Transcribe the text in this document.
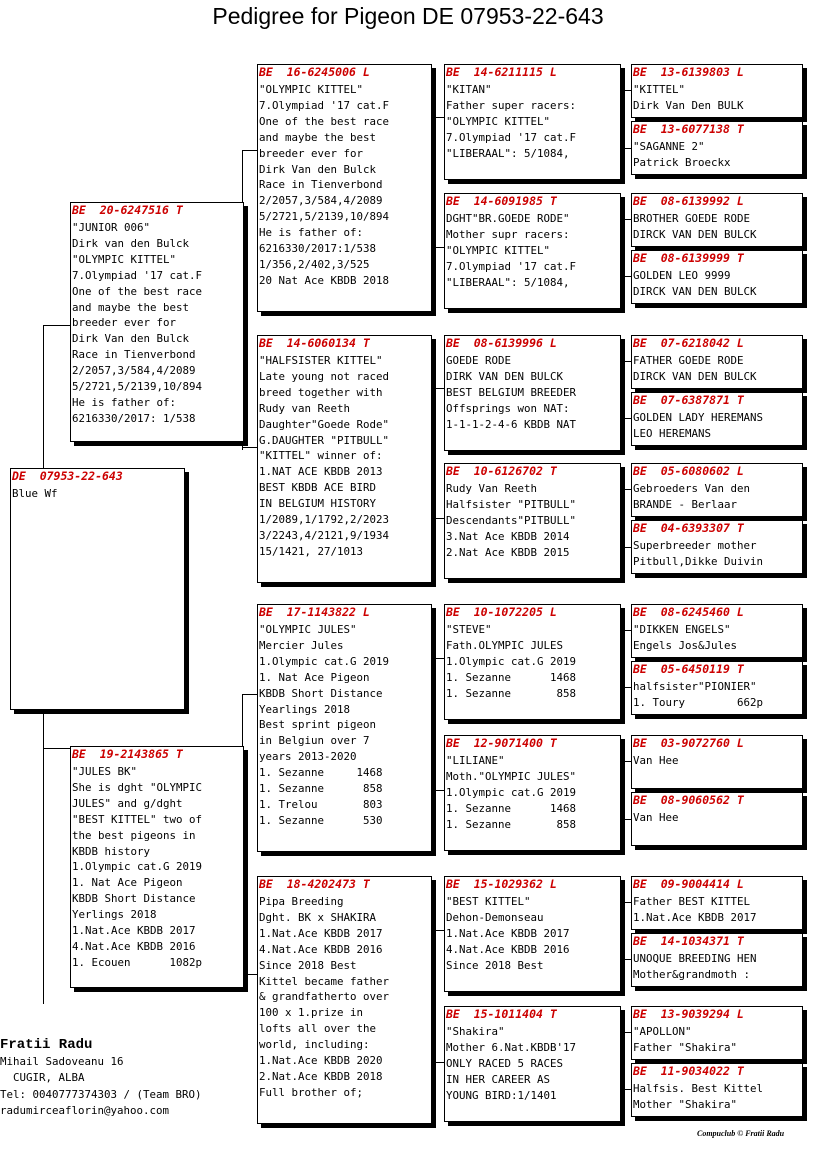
Pedigree for Pigeon DE 07953-22-643
DE  07953-22-643
Blue Wf
BE  20-6247516 T
"JUNIOR 006"
Dirk van den Bulck
"OLYMPIC KITTEL"
7.Olympiad '17 cat.F
One of the best race
and maybe the best
breeder ever for
Dirk Van den Bulck
Race in Tienverbond
2/2057,3/584,4/2089
5/2721,5/2139,10/894
He is father of:
6216330/2017: 1/538
BE  19-2143865 T
"JULES BK"
She is dght "OLYMPIC
JULES" and g/dght
"BEST KITTEL" two of
the best pigeons in
KBDB history
1.Olympic cat.G 2019
1. Nat Ace Pigeon
KBDB Short Distance
Yerlings 2018
1.Nat.Ace KBDB 2017
4.Nat.Ace KBDB 2016
1. Ecouen      1082p
BE  16-6245006 L
"OLYMPIC KITTEL"
7.Olympiad '17 cat.F
One of the best race
and maybe the best
breeder ever for
Dirk Van den Bulck
Race in Tienverbond
2/2057,3/584,4/2089
5/2721,5/2139,10/894
He is father of:
6216330/2017:1/538
1/356,2/402,3/525
20 Nat Ace KBDB 2018
BE  14-6060134 T
"HALFSISTER KITTEL"
Late young not raced
breed together with
Rudy van Reeth
Daughter"Goede Rode"
G.DAUGHTER "PITBULL"
"KITTEL" winner of:
1.NAT ACE KBDB 2013
BEST KBDB ACE BIRD
IN BELGIUM HISTORY
1/2089,1/1792,2/2023
3/2243,4/2121,9/1934
15/1421, 27/1013
BE  17-1143822 L
"OLYMPIC JULES"
Mercier Jules
1.Olympic cat.G 2019
1. Nat Ace Pigeon
KBDB Short Distance
Yearlings 2018
Best sprint pigeon
in Belgiun over 7
years 2013-2020
1. Sezanne     1468
1. Sezanne      858
1. Trelou       803
1. Sezanne      530
BE  18-4202473 T
Pipa Breeding
Dght. BK x SHAKIRA
1.Nat.Ace KBDB 2017
4.Nat.Ace KBDB 2016
Since 2018 Best
Kittel became father
& grandfatherto over
100 x 1.prize in
lofts all over the
world, including:
1.Nat.Ace KBDB 2020
2.Nat.Ace KBDB 2018
Full brother of;
BE  14-6211115 L
"KITAN"
Father super racers:
"OLYMPIC KITTEL"
7.Olympiad '17 cat.F
"LIBERAAL": 5/1084,
BE  14-6091985 T
DGHT"BR.GOEDE RODE"
Mother supr racers:
"OLYMPIC KITTEL"
7.Olympiad '17 cat.F
"LIBERAAL": 5/1084,
BE  08-6139996 L
GOEDE RODE
DIRK VAN DEN BULCK
BEST BELGIUM BREEDER
Offsprings won NAT:
1-1-1-2-4-6 KBDB NAT
BE  10-6126702 T
Rudy Van Reeth
Halfsister "PITBULL"
Descendants"PITBULL"
3.Nat Ace KBDB 2014
2.Nat Ace KBDB 2015
BE  10-1072205 L
"STEVE"
Fath.OLYMPIC JULES
1.Olympic cat.G 2019
1. Sezanne      1468
1. Sezanne       858
BE  12-9071400 T
"LILIANE"
Moth."OLYMPIC JULES"
1.Olympic cat.G 2019
1. Sezanne      1468
1. Sezanne       858
BE  15-1029362 L
"BEST KITTEL"
Dehon-Demonseau
1.Nat.Ace KBDB 2017
4.Nat.Ace KBDB 2016
Since 2018 Best
BE  15-1011404 T
"Shakira"
Mother 6.Nat.KBDB'17
ONLY RACED 5 RACES
IN HER CAREER AS
YOUNG BIRD:1/1401
BE  13-6139803 L
"KITTEL"
Dirk Van Den BULK
BE  13-6077138 T
"SAGANNE 2"
Patrick Broeckx
BE  08-6139992 L
BROTHER GOEDE RODE
DIRCK VAN DEN BULCK
BE  08-6139999 T
GOLDEN LEO 9999
DIRCK VAN DEN BULCK
BE  07-6218042 L
FATHER GOEDE RODE
DIRCK VAN DEN BULCK
BE  07-6387871 T
GOLDEN LADY HEREMANS
LEO HEREMANS
BE  05-6080602 L
Gebroeders Van den
BRANDE - Berlaar
BE  04-6393307 T
Superbreeder mother
Pitbull,Dikke Duivin
BE  08-6245460 L
"DIKKEN ENGELS"
Engels Jos&Jules
BE  05-6450119 T
halfsister"PIONIER"
1. Toury        662p
BE  03-9072760 L
Van Hee
BE  08-9060562 T
Van Hee
BE  09-9004414 L
Father BEST KITTEL
1.Nat.Ace KBDB 2017
BE  14-1034371 T
UNOQUE BREEDING HEN
Mother&grandmoth :
BE  13-9039294 L
"APOLLON"
Father "Shakira"
BE  11-9034022 T
Halfsis. Best Kittel
Mother "Shakira"
Fratii Radu
Mihail Sadoveanu 16
CUGIR, ALBA
Tel: 0040777374303 / (Team BRO)
radumirceaflorin@yahoo.com
Compuclub © Fratii Radu
